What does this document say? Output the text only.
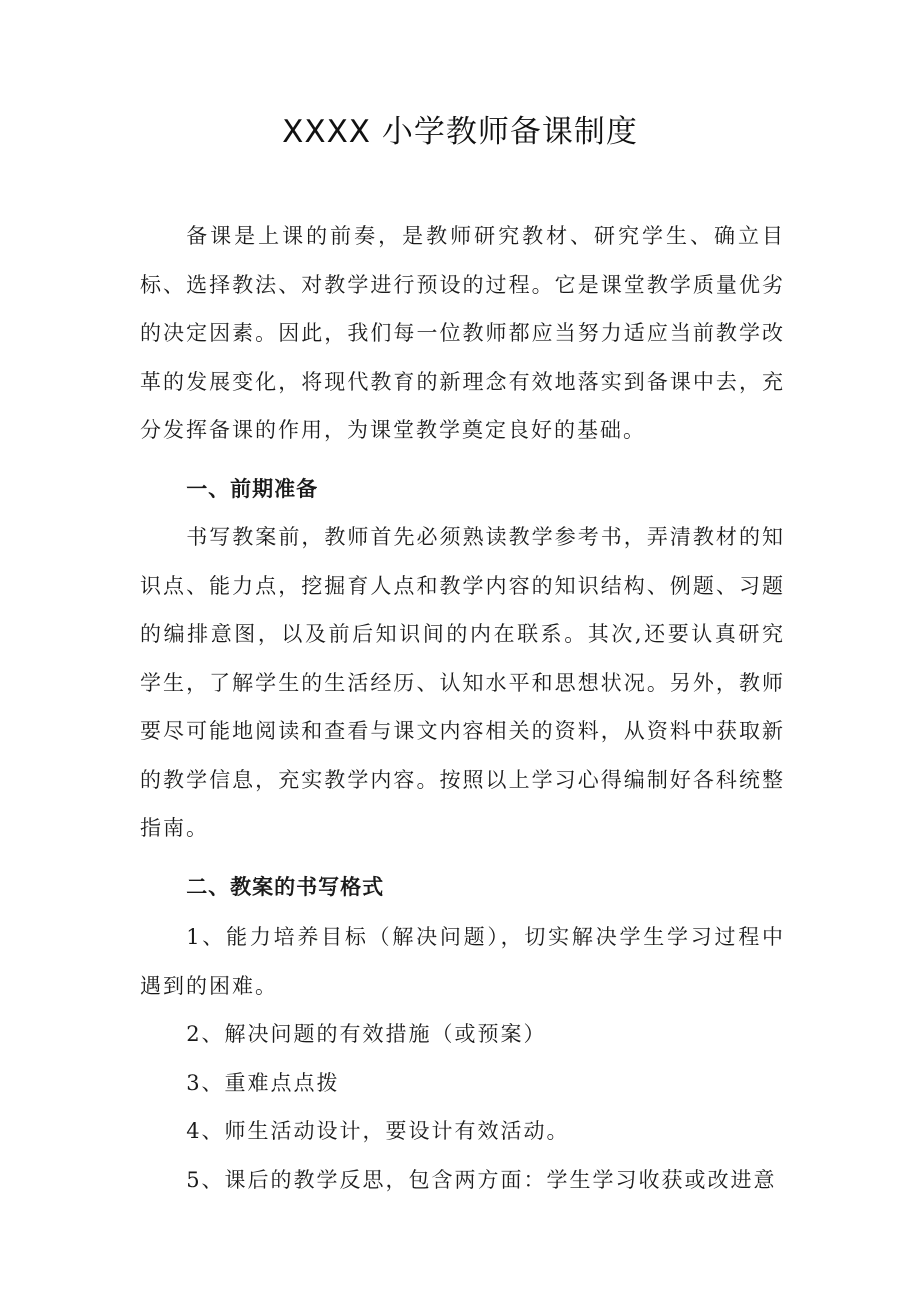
XXXX 小学教师备课制度

备课是上课的前奏，是教师研究教材、研究学生、确立目标、选择教法、对教学进行预设的过程。它是课堂教学质量优劣的决定因素。因此，我们每一位教师都应当努力适应当前教学改革的发展变化，将现代教育的新理念有效地落实到备课中去，充分发挥备课的作用，为课堂教学奠定良好的基础。

一、前期准备

书写教案前，教师首先必须熟读教学参考书，弄清教材的知识点、能力点，挖掘育人点和教学内容的知识结构、例题、习题的编排意图，以及前后知识间的内在联系。其次,还要认真研究学生，了解学生的生活经历、认知水平和思想状况。另外，教师要尽可能地阅读和查看与课文内容相关的资料，从资料中获取新的教学信息，充实教学内容。按照以上学习心得编制好各科统整指南。

二、教案的书写格式

1、能力培养目标（解决问题），切实解决学生学习过程中遇到的困难。

2、解决问题的有效措施（或预案）

3、重难点点拨

4、师生活动设计，要设计有效活动。

5、课后的教学反思，包含两方面：学生学习收获或改进意
